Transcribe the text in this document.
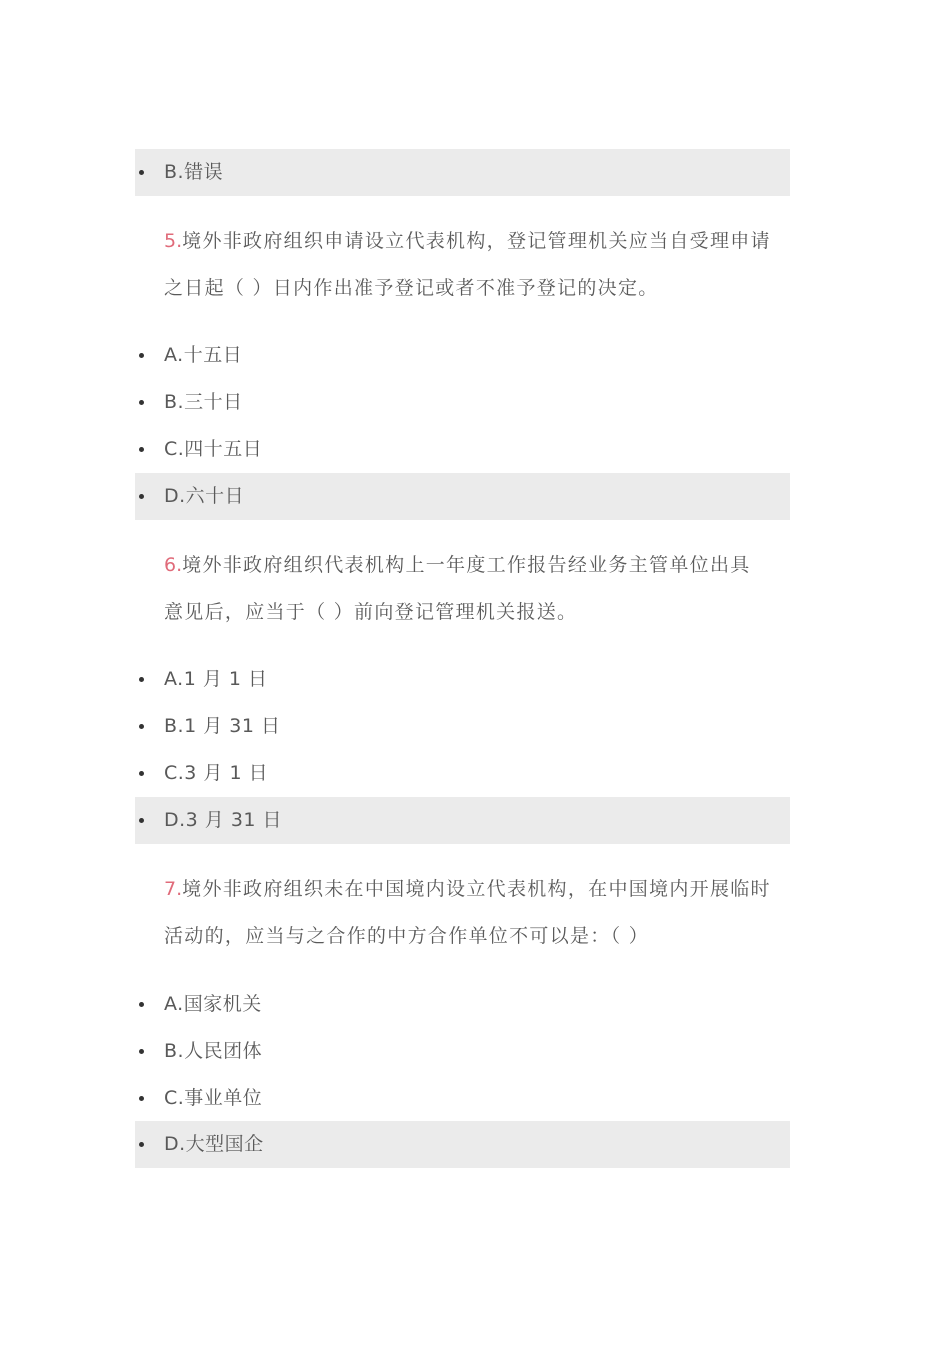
B.错误
5.境外非政府组织申请设立代表机构，登记管理机关应当自受理申请
之日起（ ）日内作出准予登记或者不准予登记的决定。
A.十五日
B.三十日
C.四十五日
D.六十日
6.境外非政府组织代表机构上一年度工作报告经业务主管单位出具
意见后，应当于（ ）前向登记管理机关报送。
A.1 月 1 日
B.1 月 31 日
C.3 月 1 日
D.3 月 31 日
7.境外非政府组织未在中国境内设立代表机构，在中国境内开展临时
活动的，应当与之合作的中方合作单位不可以是：（ ）
A.国家机关
B.人民团体
C.事业单位
D.大型国企
